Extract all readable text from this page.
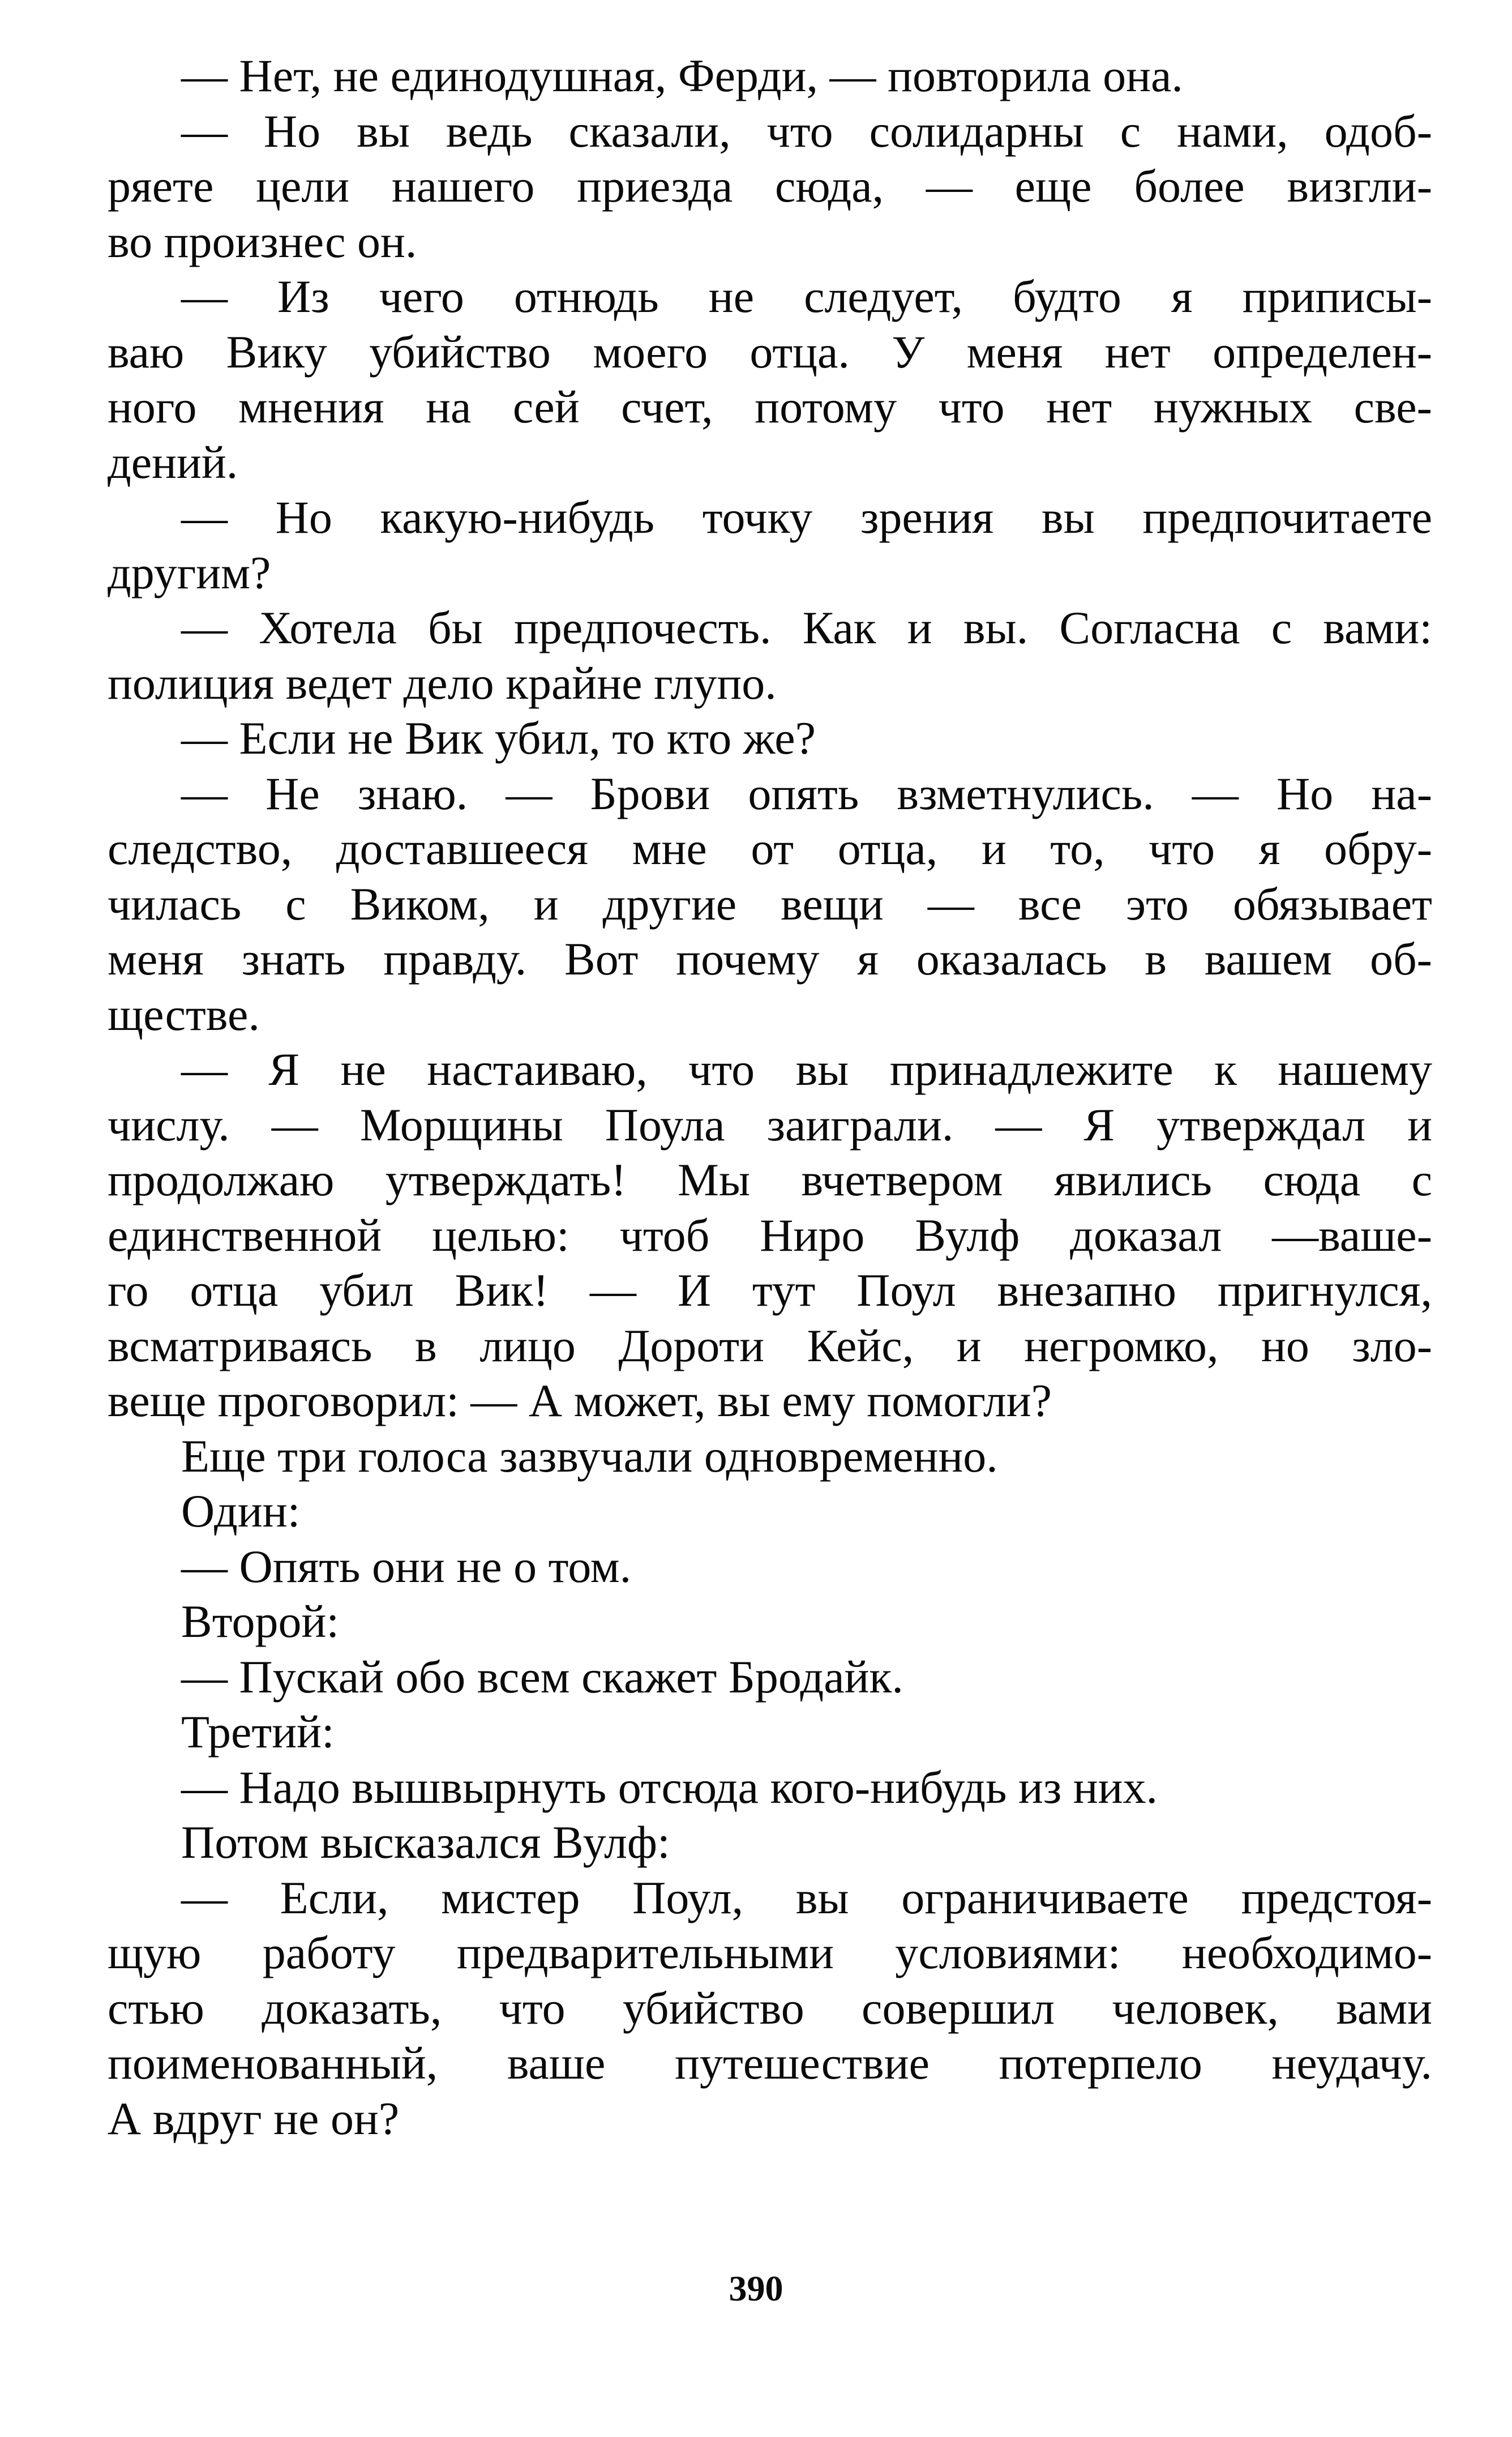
— Нет, не единодушная, Ферди, — повторила она.
— Но вы ведь сказали, что солидарны с нами, одоб-
ряете цели нашего приезда сюда, — еще более визгли-
во произнес он.
— Из чего отнюдь не следует, будто я приписы-
ваю Вику убийство моего отца. У меня нет определен-
ного мнения на сей счет, потому что нет нужных све-
дений.
— Но какую-нибудь точку зрения вы предпочитаете
другим?
— Хотела бы предпочесть. Как и вы. Согласна с вами:
полиция ведет дело крайне глупо.
— Если не Вик убил, то кто же?
— Не знаю. — Брови опять взметнулись. — Но на-
следство, доставшееся мне от отца, и то, что я обру-
чилась с Виком, и другие вещи — все это обязывает
меня знать правду. Вот почему я оказалась в вашем об-
ществе.
— Я не настаиваю, что вы принадлежите к нашему
числу. — Морщины Поула заиграли. — Я утверждал и
продолжаю утверждать! Мы вчетвером явились сюда с
единственной целью: чтоб Ниро Вулф доказал —ваше-
го отца убил Вик! — И тут Поул внезапно пригнулся,
всматриваясь в лицо Дороти Кейс, и негромко, но зло-
веще проговорил: — А может, вы ему помогли?
Еще три голоса зазвучали одновременно.
Один:
— Опять они не о том.
Второй:
— Пускай обо всем скажет Бродайк.
Третий:
— Надо вышвырнуть отсюда кого-нибудь из них.
Потом высказался Вулф:
— Если, мистер Поул, вы ограничиваете предстоя-
щую работу предварительными условиями: необходимо-
стью доказать, что убийство совершил человек, вами
поименованный, ваше путешествие потерпело неудачу.
А вдруг не он?
390
